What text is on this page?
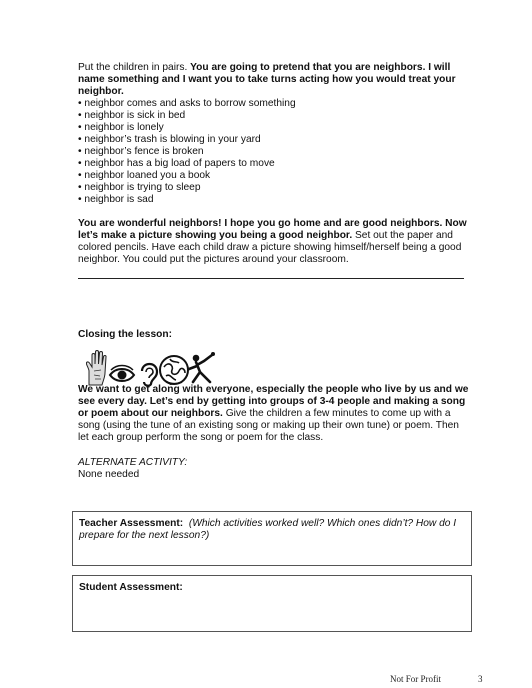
Put the children in pairs. You are going to pretend that you are neighbors. I will name something and I want you to take turns acting how you would treat your neighbor.

• neighbor comes and asks to borrow something
• neighbor is sick in bed
• neighbor is lonely
• neighbor’s trash is blowing in your yard
• neighbor’s fence is broken
• neighbor has a big load of papers to move
• neighbor loaned you a book
• neighbor is trying to sleep
• neighbor is sad

You are wonderful neighbors! I hope you go home and are good neighbors. Now let’s make a picture showing you being a good neighbor. Set out the paper and colored pencils. Have each child draw a picture showing himself/herself being a good neighbor. You could put the pictures around your classroom.

Closing the lesson:

We want to get along with everyone, especially the people who live by us and we see every day. Let’s end by getting into groups of 3-4 people and making a song or poem about our neighbors. Give the children a few minutes to come up with a song (using the tune of an existing song or making up their own tune) or poem. Then let each group perform the song or poem for the class.

ALTERNATE ACTIVITY:

None needed

Teacher Assessment: (Which activities worked well? Which ones didn’t? How do I prepare for the next lesson?)

Student Assessment:

Not For Profit	3
